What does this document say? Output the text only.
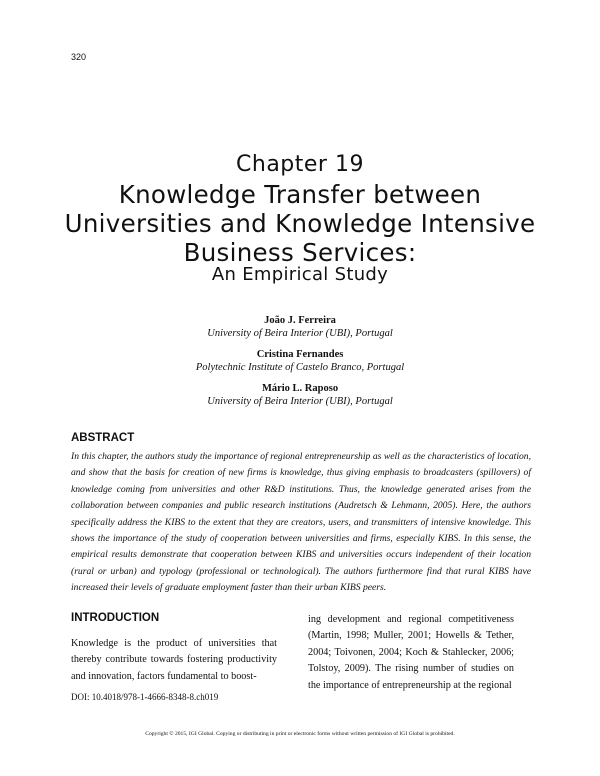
320
Chapter 19
Knowledge Transfer between Universities and Knowledge Intensive Business Services:
An Empirical Study
João J. Ferreira
University of Beira Interior (UBI), Portugal
Cristina Fernandes
Polytechnic Institute of Castelo Branco, Portugal
Mário L. Raposo
University of Beira Interior (UBI), Portugal
ABSTRACT
In this chapter, the authors study the importance of regional entrepreneurship as well as the characteristics of location, and show that the basis for creation of new firms is knowledge, thus giving emphasis to broadcasters (spillovers) of knowledge coming from universities and other R&D institutions. Thus, the knowledge generated arises from the collaboration between companies and public research institutions (Audretsch & Lehmann, 2005). Here, the authors specifically address the KIBS to the extent that they are creators, users, and transmitters of intensive knowledge. This shows the importance of the study of cooperation between universities and firms, especially KIBS. In this sense, the empirical results demonstrate that cooperation between KIBS and universities occurs independent of their location (rural or urban) and typology (professional or technological). The authors furthermore find that rural KIBS have increased their levels of graduate employment faster than their urban KIBS peers.
INTRODUCTION
Knowledge is the product of universities that thereby contribute towards fostering productivity and innovation, factors fundamental to boost-
ing development and regional competitiveness (Martin, 1998; Muller, 2001; Howells & Tether, 2004; Toivonen, 2004; Koch & Stahlecker, 2006; Tolstoy, 2009). The rising number of studies on the importance of entrepreneurship at the regional
DOI: 10.4018/978-1-4666-8348-8.ch019
Copyright © 2015, IGI Global. Copying or distributing in print or electronic forms without written permission of IGI Global is prohibited.
